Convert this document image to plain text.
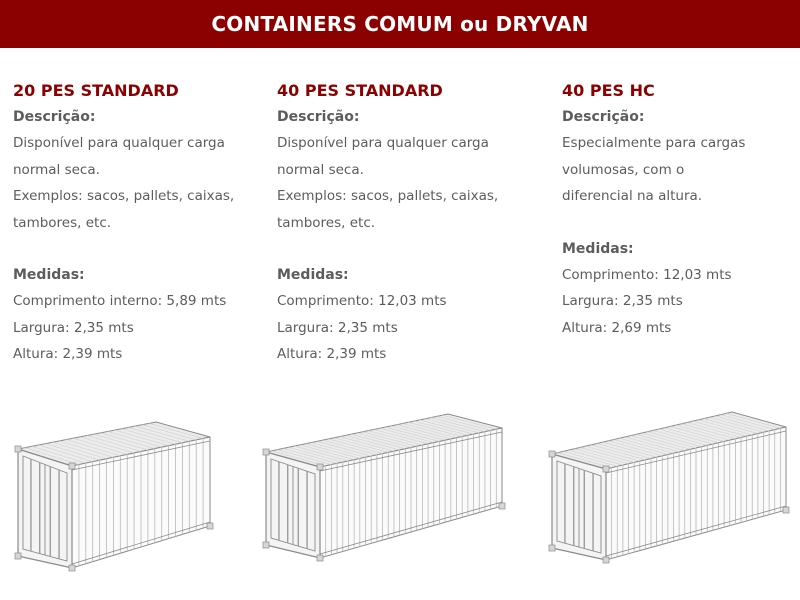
CONTAINERS COMUM ou DRYVAN
20 PES STANDARD
Descrição:
Disponível para qualquer carga
normal seca.
Exemplos: sacos, pallets, caixas,
tambores, etc.
Medidas:
Comprimento interno: 5,89 mts
Largura: 2,35 mts
Altura: 2,39 mts
40 PES STANDARD
Descrição:
Disponível para qualquer carga
normal seca.
Exemplos: sacos, pallets, caixas,
tambores, etc.
Medidas:
Comprimento: 12,03 mts
Largura: 2,35 mts
Altura: 2,39 mts
40 PES HC
Descrição:
Especialmente para cargas
volumosas, com o
diferencial na altura.
Medidas:
Comprimento: 12,03 mts
Largura: 2,35 mts
Altura: 2,69 mts
